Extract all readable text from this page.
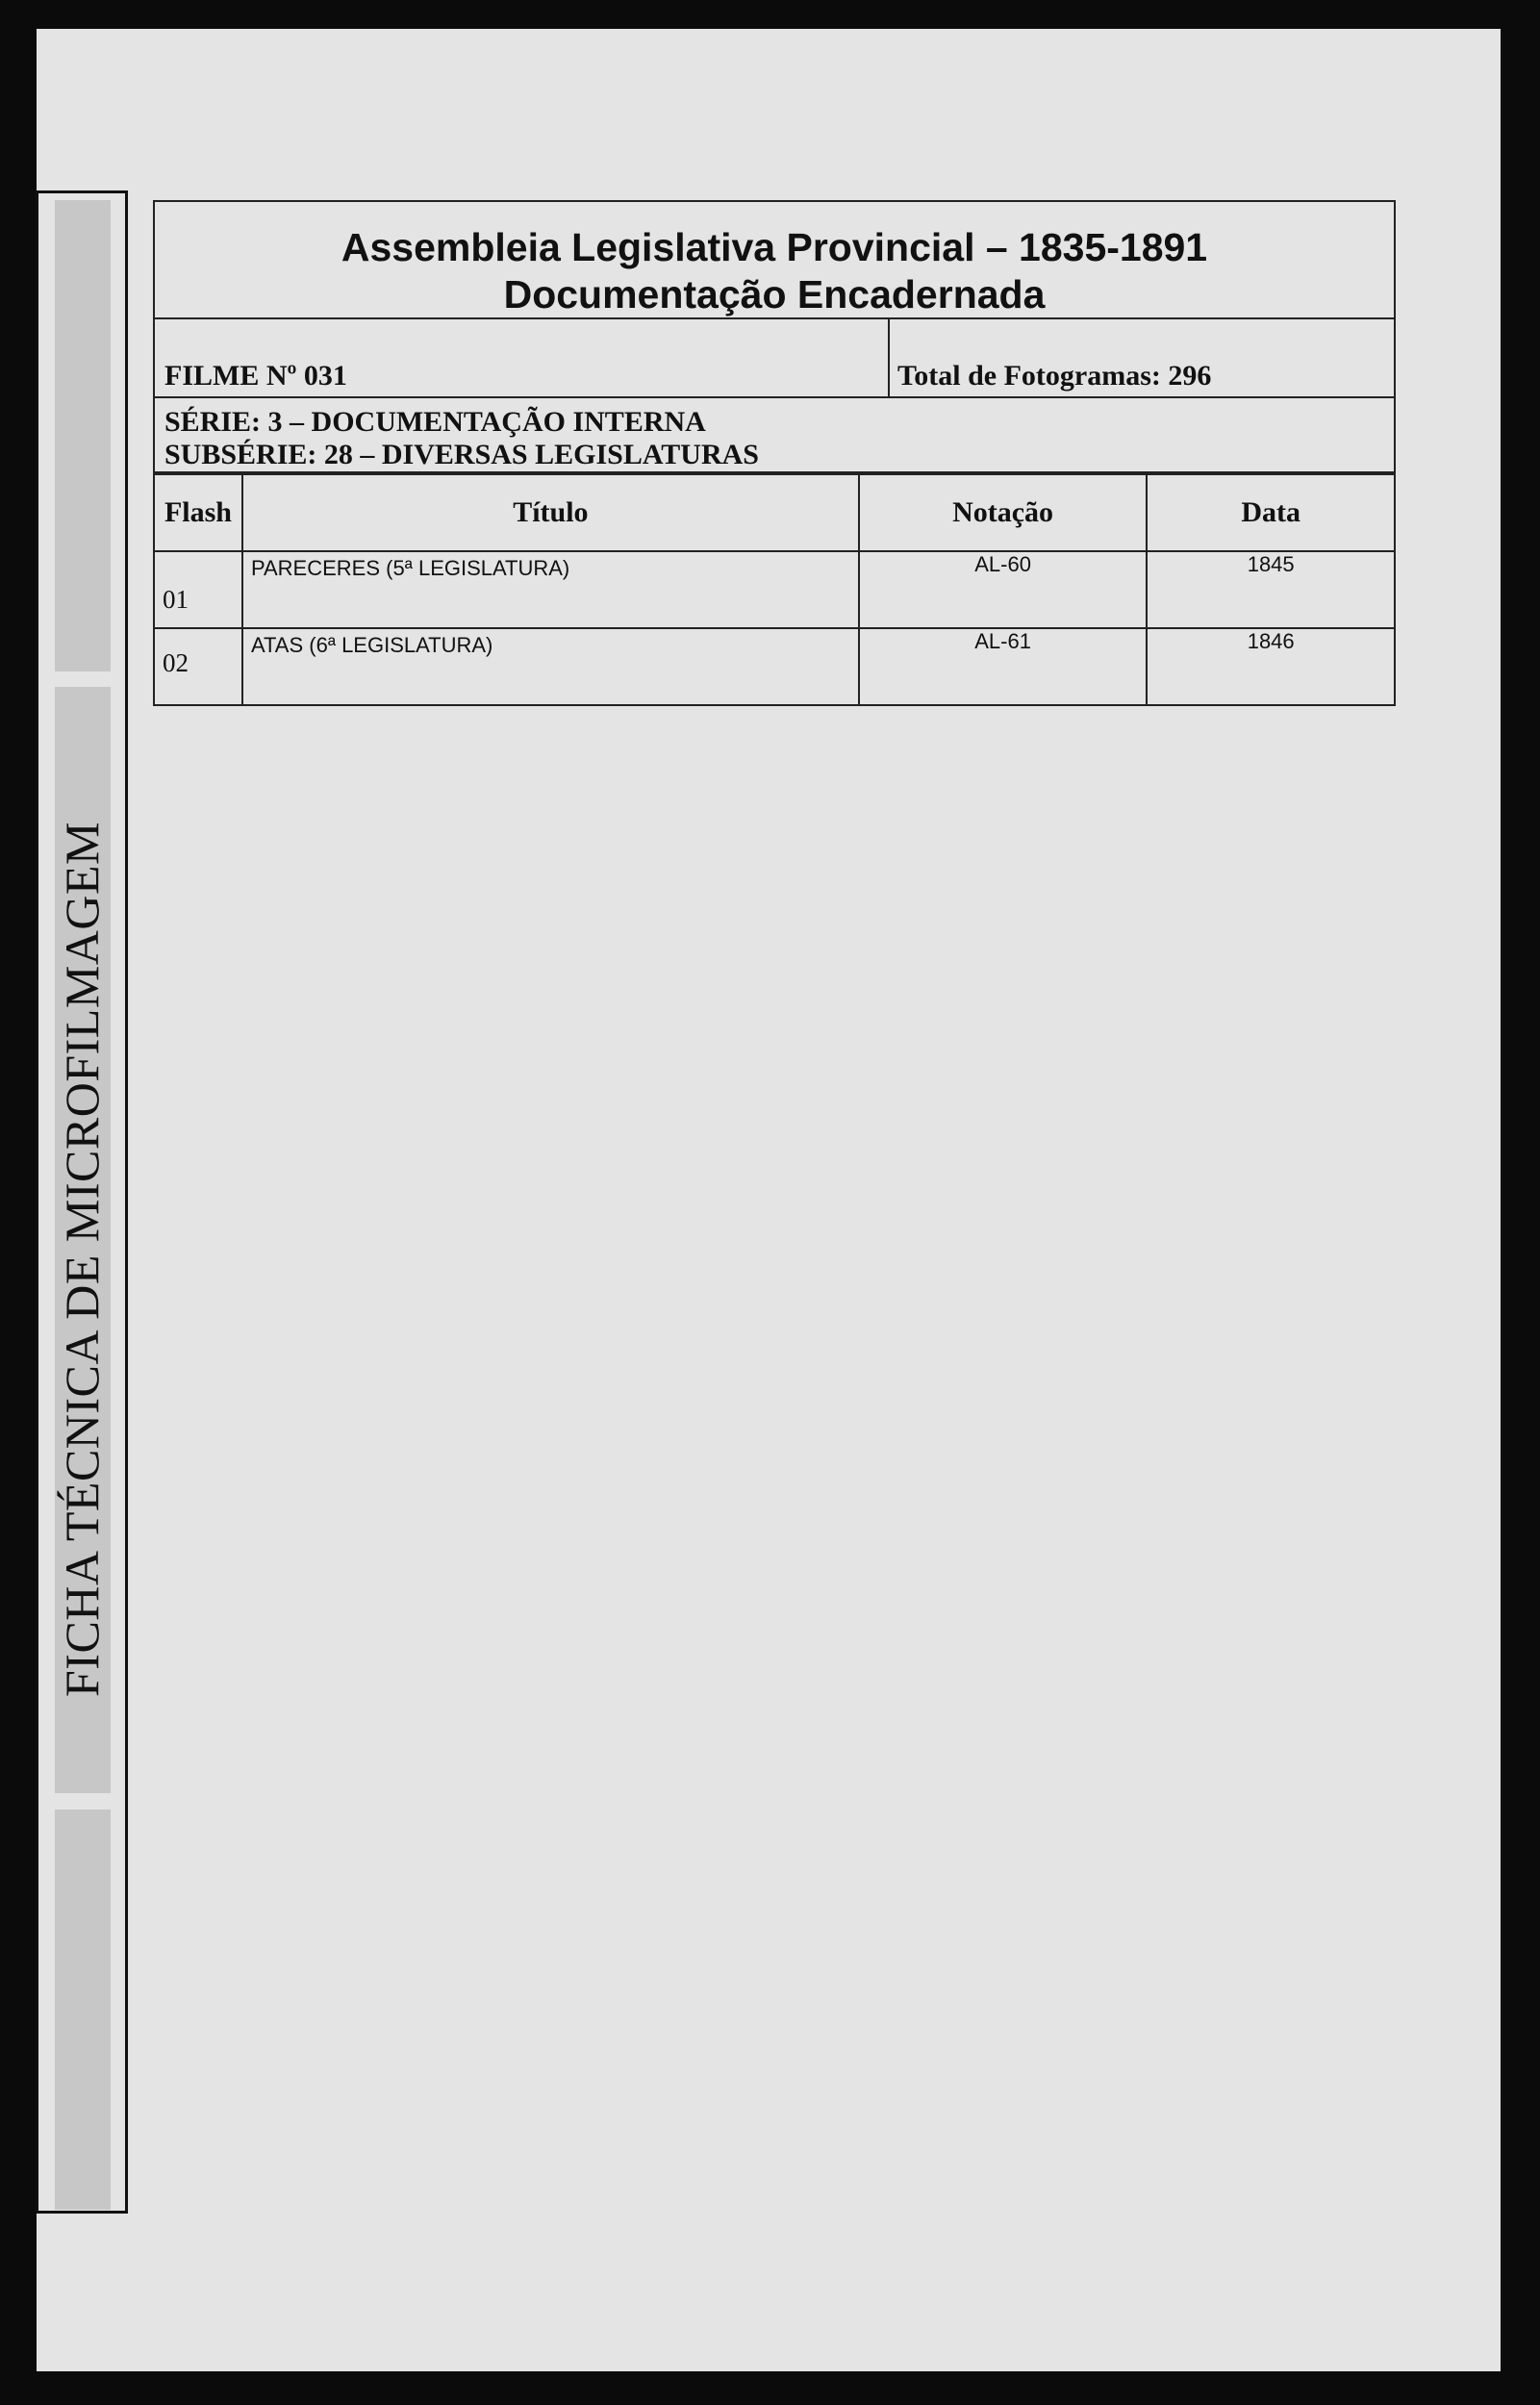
FICHA TÉCNICA DE MICROFILMAGEM
Assembleia Legislativa Provincial – 1835-1891
Documentação Encadernada
FILME Nº 031	Total de Fotogramas: 296
SÉRIE: 3 – DOCUMENTAÇÃO INTERNA
SUBSÉRIE: 28 – DIVERSAS LEGISLATURAS
Flash	Título	Notação	Data

01	PARECERES (5ª LEGISLATURA)	AL-60	1845

02	ATAS (6ª LEGISLATURA)	AL-61	1846
